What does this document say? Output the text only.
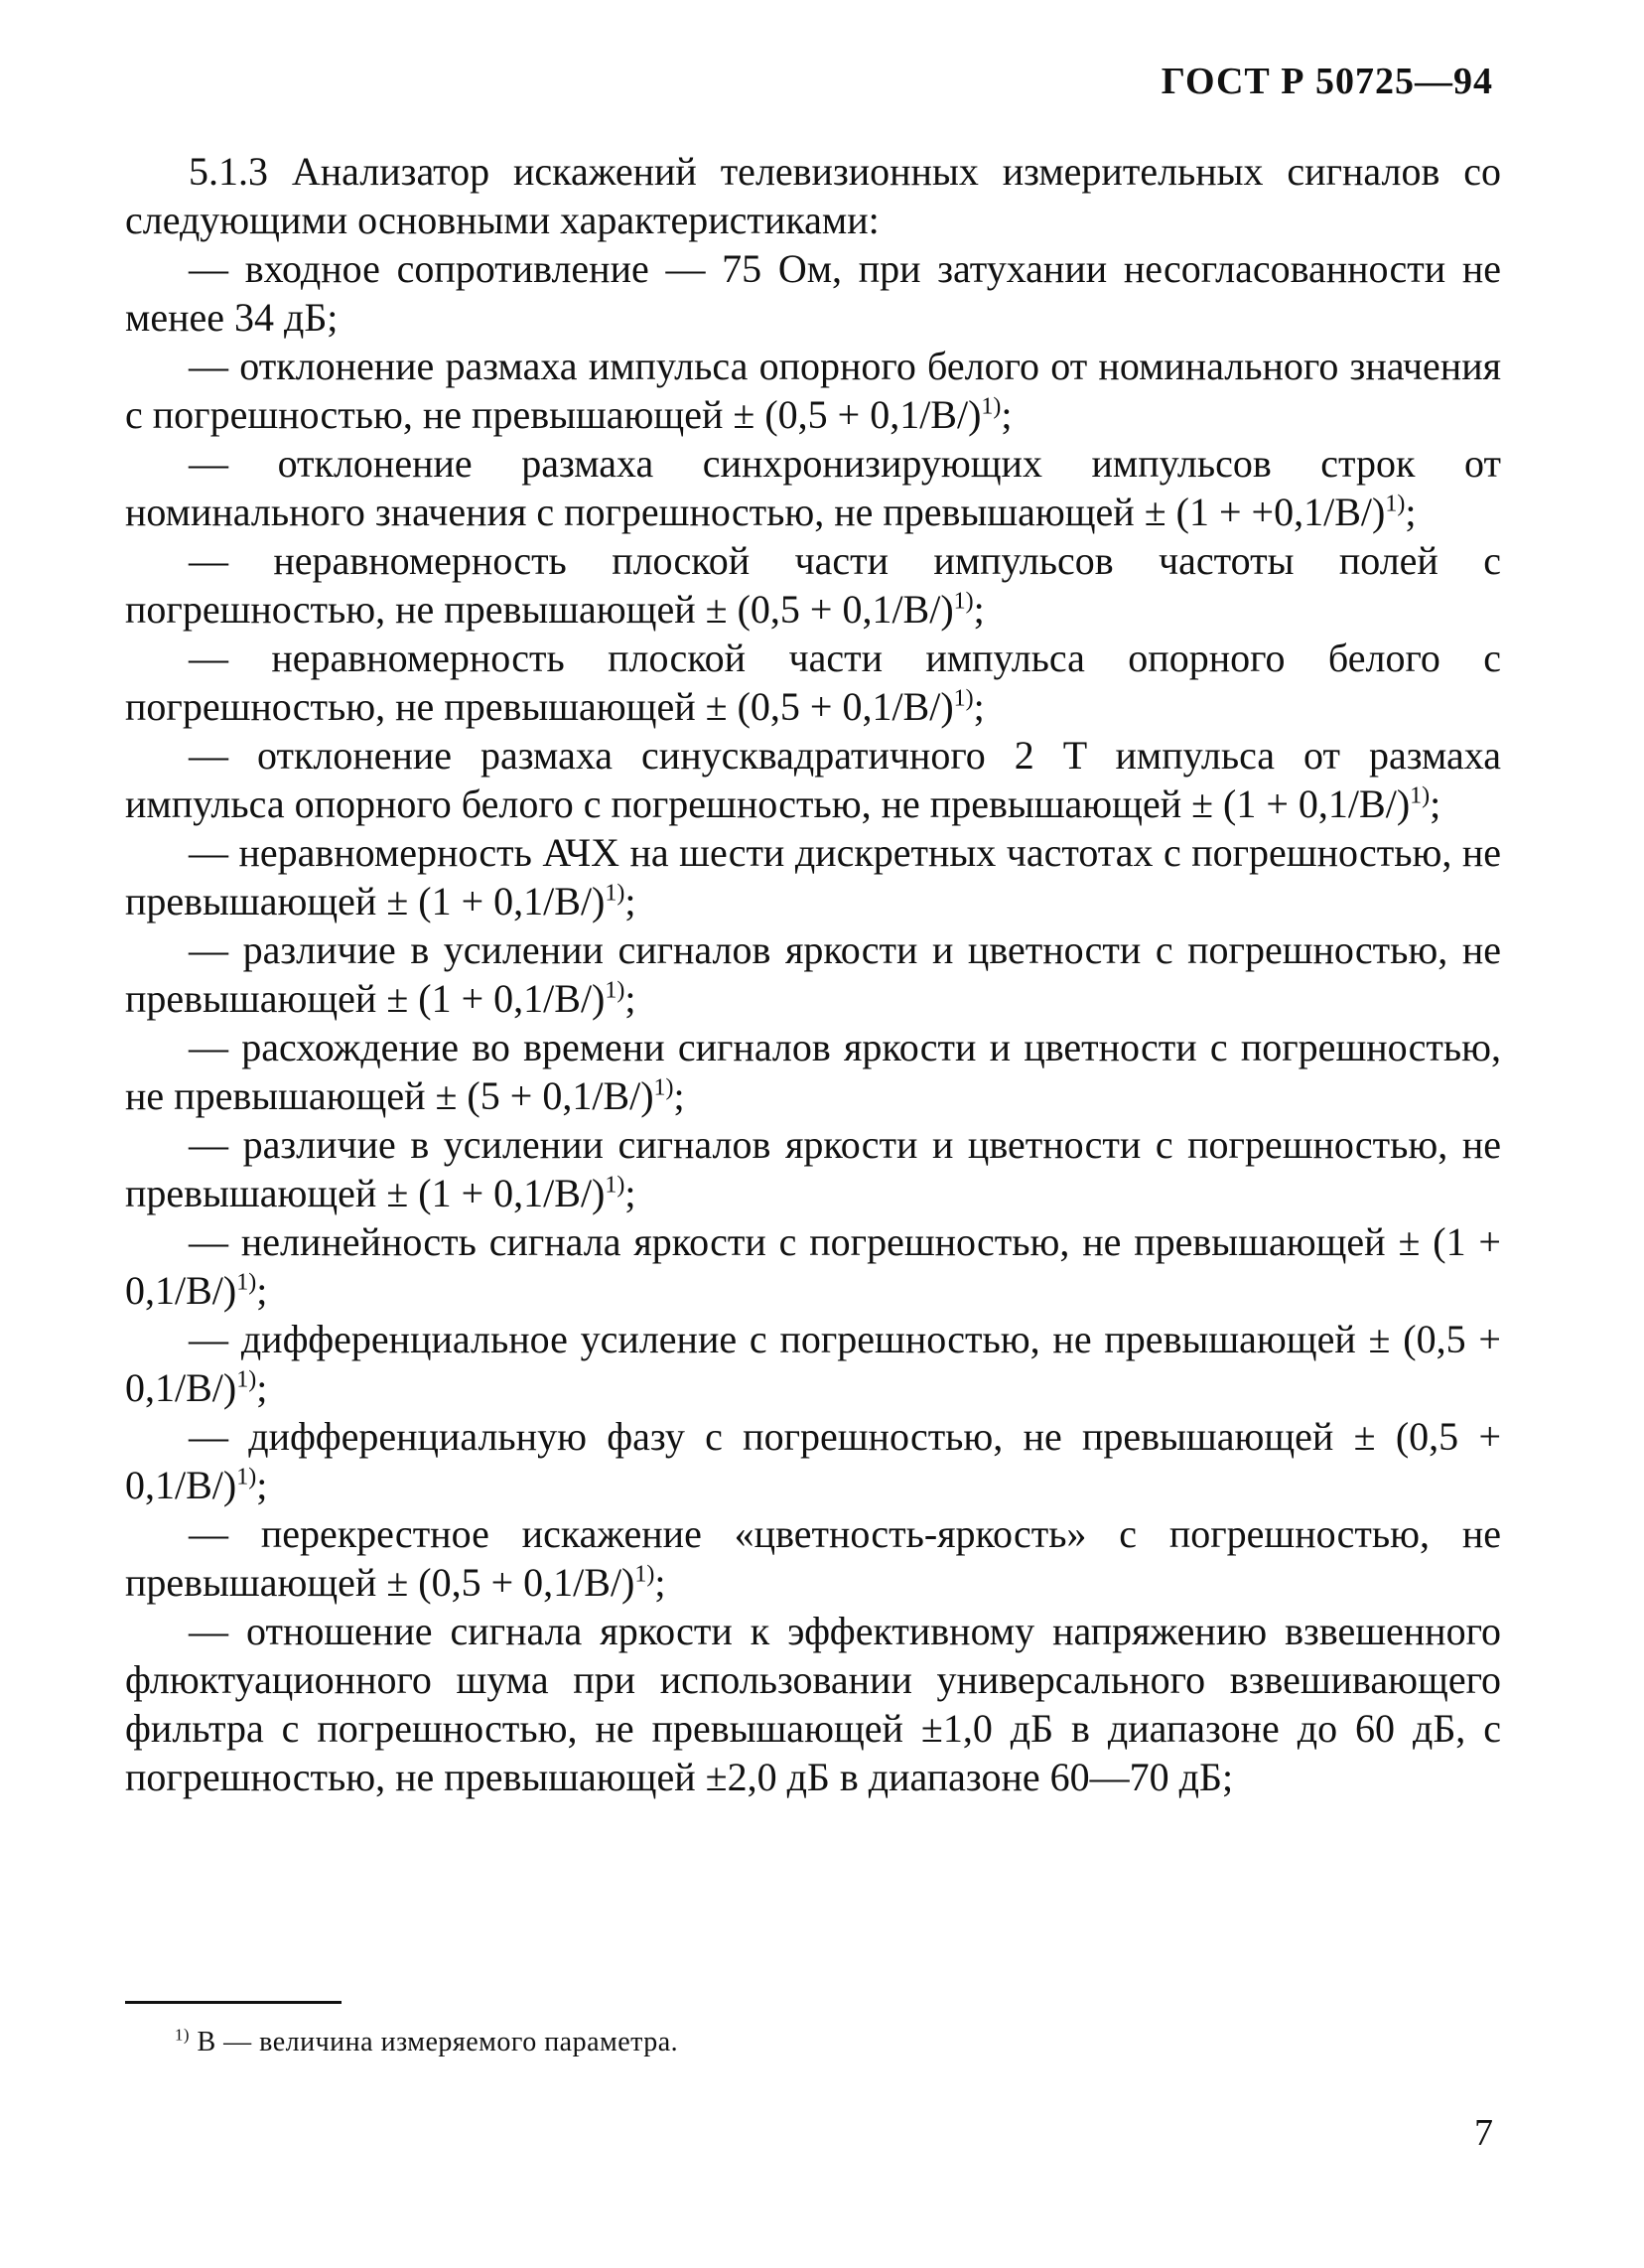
ГОСТ Р 50725—94

5.1.3 Анализатор искажений телевизионных измерительных сигналов со следующими основными характеристиками:

— входное сопротивление — 75 Ом, при затухании несогласованности не менее 34 дБ;

— отклонение размаха импульса опорного белого от номинального значения с погрешностью, не превышающей ± $(0,5 + 0,1/B/)^{1)}$;

— отклонение размаха синхронизирующих импульсов строк от номинального значения с погрешностью, не превышающей ± $(1 + +0,1/B/)^{1)}$;

— неравномерность плоской части импульсов частоты полей с погрешностью, не превышающей ± $(0,5 + 0,1/B/)^{1)}$;

— неравномерность плоской части импульса опорного белого с погрешностью, не превышающей ± $(0,5 + 0,1/B/)^{1)}$;

— отклонение размаха синусквадратичного 2 T импульса от размаха импульса опорного белого с погрешностью, не превышающей ± $(1 + 0,1/B/)^{1)}$;

— неравномерность АЧХ на шести дискретных частотах с погрешностью, не превышающей ± $(1 + 0,1/B/)^{1)}$;

— различие в усилении сигналов яркости и цветности с погрешностью, не превышающей ± $(1 + 0,1/B/)^{1)}$;

— расхождение во времени сигналов яркости и цветности с погрешностью, не превышающей ± $(5 + 0,1/B/)^{1)}$;

— различие в усилении сигналов яркости и цветности с погрешностью, не превышающей ± $(1 + 0,1/B/)^{1)}$;

— нелинейность сигнала яркости с погрешностью, не превышающей ± $(1 + 0,1/B/)^{1)}$;

— дифференциальное усиление с погрешностью, не превышающей ± $(0,5 + 0,1/B/)^{1)}$;

— дифференциальную фазу с погрешностью, не превышающей ± $(0,5 + 0,1/B/)^{1)}$;

— перекрестное искажение «цветность-яркость» с погрешностью, не превышающей ± $(0,5 + 0,1/B/)^{1)}$;

— отношение сигнала яркости к эффективному напряжению взвешенного флюктуационного шума при использовании универсального взвешивающего фильтра с погрешностью, не превышающей ±1,0 дБ в диапазоне до 60 дБ, с погрешностью, не превышающей ±2,0 дБ в диапазоне 60—70 дБ;

$^{1)}$ B — величина измеряемого параметра.
7
